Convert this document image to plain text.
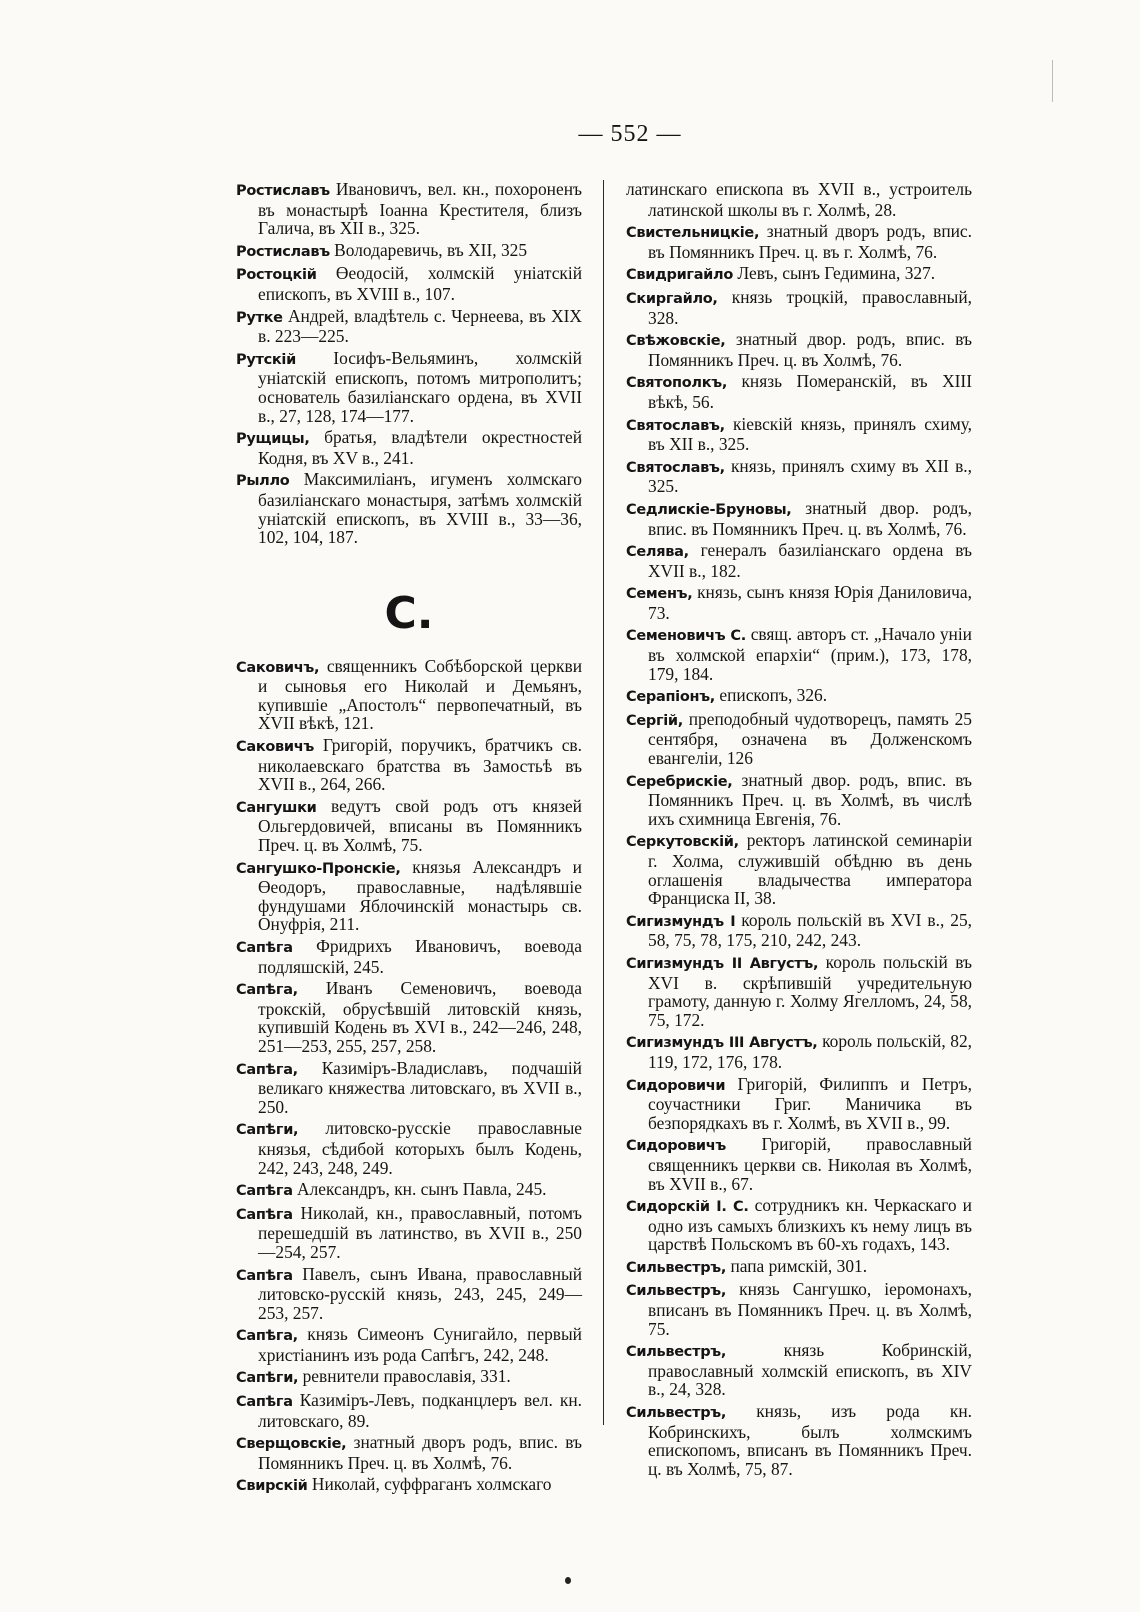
— 552 —

Ростиславъ Ивановичъ, вел. кн., похороненъ въ монастырѣ Іоанна Крестителя, близъ Галича, въ XII в., 325.

Ростиславъ Володаревичь, въ XII, 325

Ростоцкій Өеодосій, холмскій уніатскій епископъ, въ XVIII в., 107.

Рутке Андрей, владѣтель с. Чернеева, въ XIX в. 223—225.

Рутскій Іосифъ-Вельяминъ, холмскій уніатскій епископъ, потомъ митрополитъ; основатель базиліанскаго ордена, въ XVII в., 27, 128, 174—177.

Рущицы, братья, владѣтели окрестностей Кодня, въ XV в., 241.

Рылло Максимиліанъ, игуменъ холмскаго базиліанскаго монастыря, затѣмъ холмскій уніатскій епископъ, въ XVIII в., 33—36, 102, 104, 187.

С.

Саковичъ, священникъ Собѣборской церкви и сыновья его Николай и Демьянъ, купившіе „Апостолъ“ первопечатный, въ XVII вѣкѣ, 121.

Саковичъ Григорій, поручикъ, братчикъ св. николаевскаго братства въ Замостьѣ въ XVII в., 264, 266.

Сангушки ведутъ свой родъ отъ князей Ольгердовичей, вписаны въ Помянникъ Преч. ц. въ Холмѣ, 75.

Сангушко-Пронскіе, князья Александръ и Өеодоръ, православные, надѣлявшіе фундушами Яблочинскій монастырь св. Онуфрія, 211.

Сапѣга Фридрихъ Ивановичъ, воевода подляшскій, 245.

Сапѣга, Иванъ Семеновичъ, воевода трокскій, обрусѣвшій литовскій князь, купившій Кодень въ XVI в., 242—246, 248, 251—253, 255, 257, 258.

Сапѣга, Казиміръ-Владиславъ, подчашій великаго княжества литовскаго, въ XVII в., 250.

Сапѣги, литовско-русскіе православные князья, сѣдибой которыхъ былъ Кодень, 242, 243, 248, 249.

Сапѣга Александръ, кн. сынъ Павла, 245.

Сапѣга Николай, кн., православный, потомъ перешедшій въ латинство, въ XVII в., 250—254, 257.

Сапѣга Павелъ, сынъ Ивана, православный литовско-русскій князь, 243, 245, 249—253, 257.

Сапѣга, князь Симеонъ Сунигайло, первый христіанинъ изъ рода Сапѣгъ, 242, 248.

Сапѣги, ревнители православія, 331.

Сапѣга Казиміръ-Левъ, подканцлеръ вел. кн. литовскаго, 89.

Сверщовскіе, знатный дворъ родъ, впис. въ Помянникъ Преч. ц. въ Холмѣ, 76.

Свирскій Николай, суффраганъ холмскаго

латинскаго епископа въ XVII в., устроитель латинской школы въ г. Холмѣ, 28.

Свистельницкіе, знатный дворъ родъ, впис. въ Помянникъ Преч. ц. въ г. Холмѣ, 76.

Свидригайло Левъ, сынъ Гедимина, 327.

Скиргайло, князь троцкій, православный, 328.

Свѣжовскіе, знатный двор. родъ, впис. въ Помянникъ Преч. ц. въ Холмѣ, 76.

Святополкъ, князь Померанскій, въ XIII вѣкѣ, 56.

Святославъ, кіевскій князь, принялъ схиму, въ XII в., 325.

Святославъ, князь, принялъ схиму въ XII в., 325.

Седлискіе-Бруновы, знатный двор. родъ, впис. въ Помянникъ Преч. ц. въ Холмѣ, 76.

Селява, генералъ базиліанскаго ордена въ XVII в., 182.

Семенъ, князь, сынъ князя Юрія Даниловича, 73.

Семеновичъ С. свящ. авторъ ст. „Начало уніи въ холмской епархіи“ (прим.), 173, 178, 179, 184.

Серапіонъ, епископъ, 326.

Сергій, преподобный чудотворецъ, память 25 сентября, означена въ Долженскомъ евангеліи, 126

Серебрискіе, знатный двор. родъ, впис. въ Помянникъ Преч. ц. въ Холмѣ, въ числѣ ихъ схимница Евгенія, 76.

Серкутовскій, ректоръ латинской семинаріи г. Холма, служившій обѣдню въ день оглашенія владычества императора Франциска II, 38.

Сигизмундъ I король польскій въ XVI в., 25, 58, 75, 78, 175, 210, 242, 243.

Сигизмундъ II Августъ, король польскій въ XVI в. скрѣпившій учредительную грамоту, данную г. Холму Ягелломъ, 24, 58, 75, 172.

Сигизмундъ III Августъ, король польскій, 82, 119, 172, 176, 178.

Сидоровичи Григорій, Филиппъ и Петръ, соучастники Григ. Маничика въ безпорядкахъ въ г. Холмѣ, въ XVII в., 99.

Сидоровичъ Григорій, православный священникъ церкви св. Николая въ Холмѣ, въ XVII в., 67.

Сидорскій I. С. сотрудникъ кн. Черкаскаго и одно изъ самыхъ близкихъ къ нему лицъ въ царствѣ Польскомъ въ 60-хъ годахъ, 143.

Сильвестръ, папа римскій, 301.

Сильвестръ, князь Сангушко, іеромонахъ, вписанъ въ Помянникъ Преч. ц. въ Холмѣ, 75.

Сильвестръ, князь Кобринскій, православный холмскій епископъ, въ XIV в., 24, 328.

Сильвестръ, князь, изъ рода кн. Кобринскихъ, былъ холмскимъ епископомъ, вписанъ въ Помянникъ Преч. ц. въ Холмѣ, 75, 87.
